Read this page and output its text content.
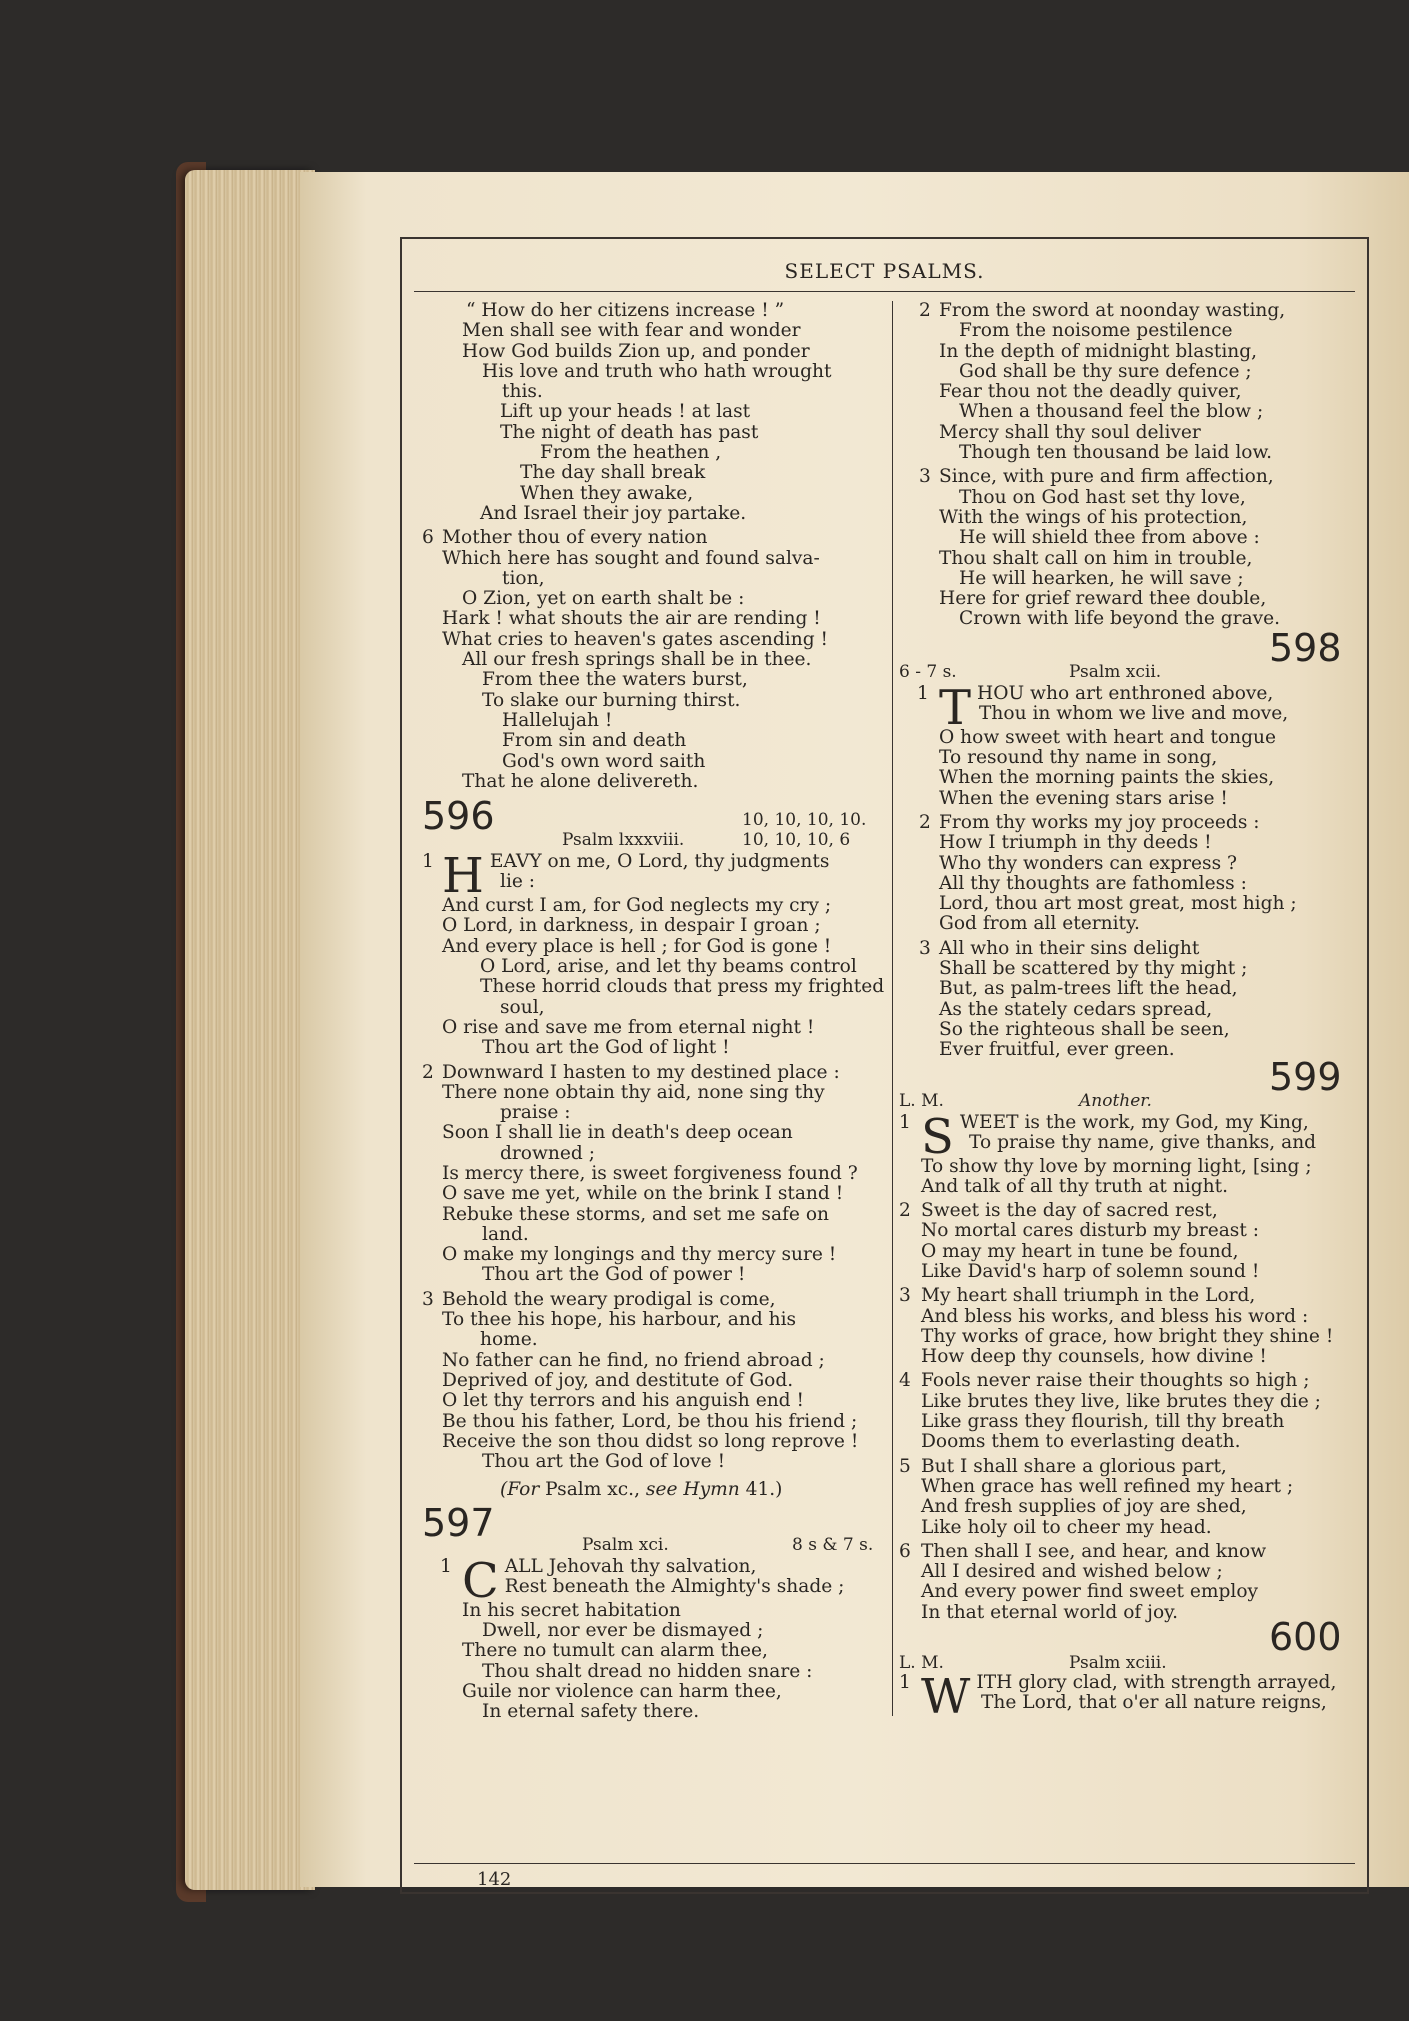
SELECT PSALMS.
“ How do her citizens increase ! ”
Men shall see with fear and wonder
How God builds Zion up, and ponder
His love and truth who hath wrought
this.
Lift up your heads ! at last
The night of death has past
From the heathen ,
The day shall break
When they awake,
And Israel their joy partake.
6 Mother thou of every nation
Which here has sought and found salva-
tion,
O Zion, yet on earth shalt be :
Hark ! what shouts the air are rending !
What cries to heaven's gates ascending !
All our fresh springs shall be in thee.
From thee the waters burst,
To slake our burning thirst.
Hallelujah !
From sin and death
God's own word saith
That he alone delivereth.
596
Psalm lxxxviii.
10, 10, 10, 10.
10, 10, 10, 6
1 H EAVY on me, O Lord, thy judgments
lie :
And curst I am, for God neglects my cry ;
O Lord, in darkness, in despair I groan ;
And every place is hell ; for God is gone !
O Lord, arise, and let thy beams control
These horrid clouds that press my frighted
soul,
O rise and save me from eternal night !
Thou art the God of light !
2 Downward I hasten to my destined place :
There none obtain thy aid, none sing thy
praise :
Soon I shall lie in death's deep ocean
drowned ;
Is mercy there, is sweet forgiveness found ?
O save me yet, while on the brink I stand !
Rebuke these storms, and set me safe on
land.
O make my longings and thy mercy sure !
Thou art the God of power !
3 Behold the weary prodigal is come,
To thee his hope, his harbour, and his
home.
No father can he find, no friend abroad ;
Deprived of joy, and destitute of God.
O let thy terrors and his anguish end !
Be thou his father, Lord, be thou his friend ;
Receive the son thou didst so long reprove !
Thou art the God of love !
(For Psalm xc., see Hymn 41.)
597	Psalm xci.	8 s & 7 s.
1 C ALL Jehovah thy salvation,
Rest beneath the Almighty's shade ;
In his secret habitation
Dwell, nor ever be dismayed ;
There no tumult can alarm thee,
Thou shalt dread no hidden snare :
Guile nor violence can harm thee,
In eternal safety there.
2 From the sword at noonday wasting,
From the noisome pestilence
In the depth of midnight blasting,
God shall be thy sure defence ;
Fear thou not the deadly quiver,
When a thousand feel the blow ;
Mercy shall thy soul deliver
Though ten thousand be laid low.
3 Since, with pure and firm affection,
Thou on God hast set thy love,
With the wings of his protection,
He will shield thee from above :
Thou shalt call on him in trouble,
He will hearken, he will save ;
Here for grief reward thee double,
Crown with life beyond the grave.
6 - 7 s.	Psalm xcii.
598
1 T HOU who art enthroned above,
Thou in whom we live and move,
O how sweet with heart and tongue
To resound thy name in song,
When the morning paints the skies,
When the evening stars arise !
2 From thy works my joy proceeds :
How I triumph in thy deeds !
Who thy wonders can express ?
All thy thoughts are fathomless :
Lord, thou art most great, most high ;
God from all eternity.
3 All who in their sins delight
Shall be scattered by thy might ;
But, as palm-trees lift the head,
As the stately cedars spread,
So the righteous shall be seen,
Ever fruitful, ever green.
L. M.	Another.
599
1 S WEET is the work, my God, my King,
To praise thy name, give thanks, and
To show thy love by morning light, [sing ;
And talk of all thy truth at night.
2 Sweet is the day of sacred rest,
No mortal cares disturb my breast :
O may my heart in tune be found,
Like David's harp of solemn sound !
3 My heart shall triumph in the Lord,
And bless his works, and bless his word :
Thy works of grace, how bright they shine !
How deep thy counsels, how divine !
4 Fools never raise their thoughts so high ;
Like brutes they live, like brutes they die ;
Like grass they flourish, till thy breath
Dooms them to everlasting death.
5 But I shall share a glorious part,
When grace has well refined my heart ;
And fresh supplies of joy are shed,
Like holy oil to cheer my head.
6 Then shall I see, and hear, and know
All I desired and wished below ;
And every power find sweet employ
In that eternal world of joy.
L. M.	Psalm xciii.
600
1 W ITH glory clad, with strength arrayed,
The Lord, that o'er all nature reigns,
142
